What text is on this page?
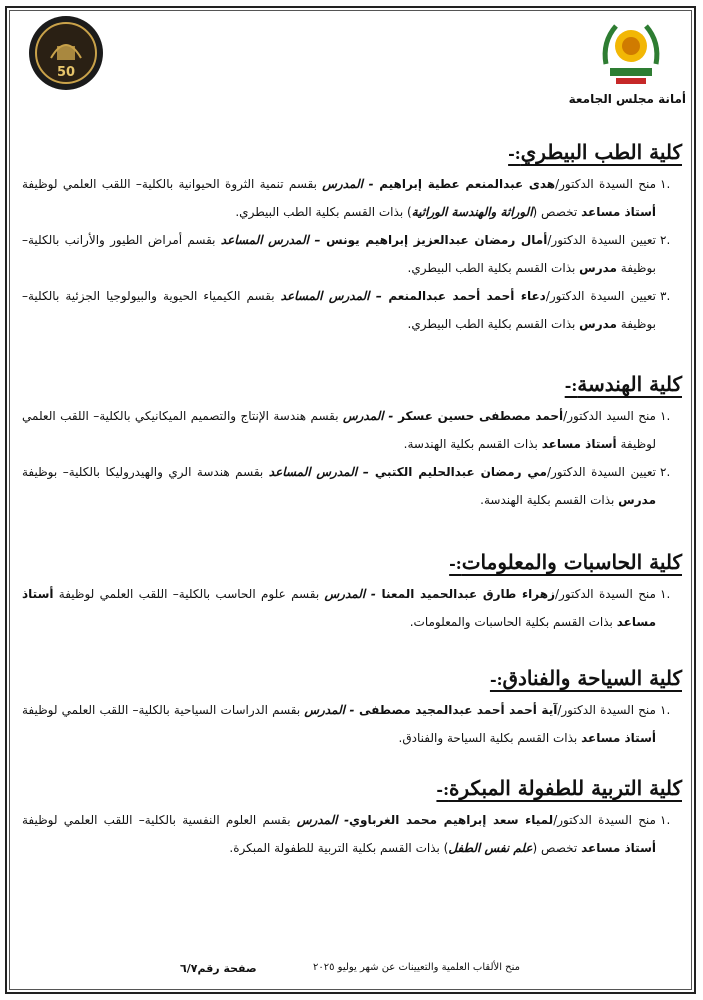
50
أمانة مجلس الجامعة
كلية الطب البيطري:-
.١
منح السيدة الدكتور/هدى عبدالمنعم عطية إبراهيم - المدرس بقسم تنمية الثروة الحيوانية بالكلية– اللقب العلمي لوظيفة أستاذ مساعد تخصص (الوراثة والهندسة الوراثية) بذات القسم بكلية الطب البيطري.
.٢
تعيين السيدة الدكتور/أمال رمضان عبدالعزيز إبراهيم يونس – المدرس المساعد بقسم أمراض الطيور والأرانب بالكلية– بوظيفة مدرس بذات القسم بكلية الطب البيطري.
.٣
تعيين السيدة الدكتور/دعاء أحمد أحمد عبدالمنعم – المدرس المساعد بقسم الكيمياء الحيوية والبيولوجيا الجزئية بالكلية– بوظيفة مدرس بذات القسم بكلية الطب البيطري.
كلية الهندسة:-
.١
منح السيد الدكتور/أحمد مصطفى حسين عسكر - المدرس بقسم هندسة الإنتاج والتصميم الميكانيكي بالكلية– اللقب العلمي لوظيفة أستاذ مساعد بذات القسم بكلية الهندسة.
.٢
تعيين السيدة الدكتور/مي رمضان عبدالحليم الكتبي – المدرس المساعد بقسم هندسة الري والهيدروليكا بالكلية– بوظيفة مدرس بذات القسم بكلية الهندسة.
كلية الحاسبات والمعلومات:-
.١
منح السيدة الدكتور/زهراء طارق عبدالحميد المعنا - المدرس بقسم علوم الحاسب بالكلية– اللقب العلمي لوظيفة أستاذ مساعد بذات القسم بكلية الحاسبات والمعلومات.
كلية السياحة والفنادق:-
.١
منح السيدة الدكتور/آية أحمد أحمد عبدالمجيد مصطفى - المدرس بقسم الدراسات السياحية بالكلية– اللقب العلمي لوظيفة أستاذ مساعد بذات القسم بكلية السياحة والفنادق.
كلية التربية للطفولة المبكرة:-
.١
منح السيدة الدكتور/لمياء سعد إبراهيم محمد الغرباوي- المدرس بقسم العلوم النفسية بالكلية– اللقب العلمي لوظيفة أستاذ مساعد تخصص (علم نفس الطفل) بذات القسم بكلية التربية للطفولة المبكرة.
منح الألقاب العلمية والتعيينات عن شهر يوليو ٢٠٢٥
صفحة رقم٦/٧
